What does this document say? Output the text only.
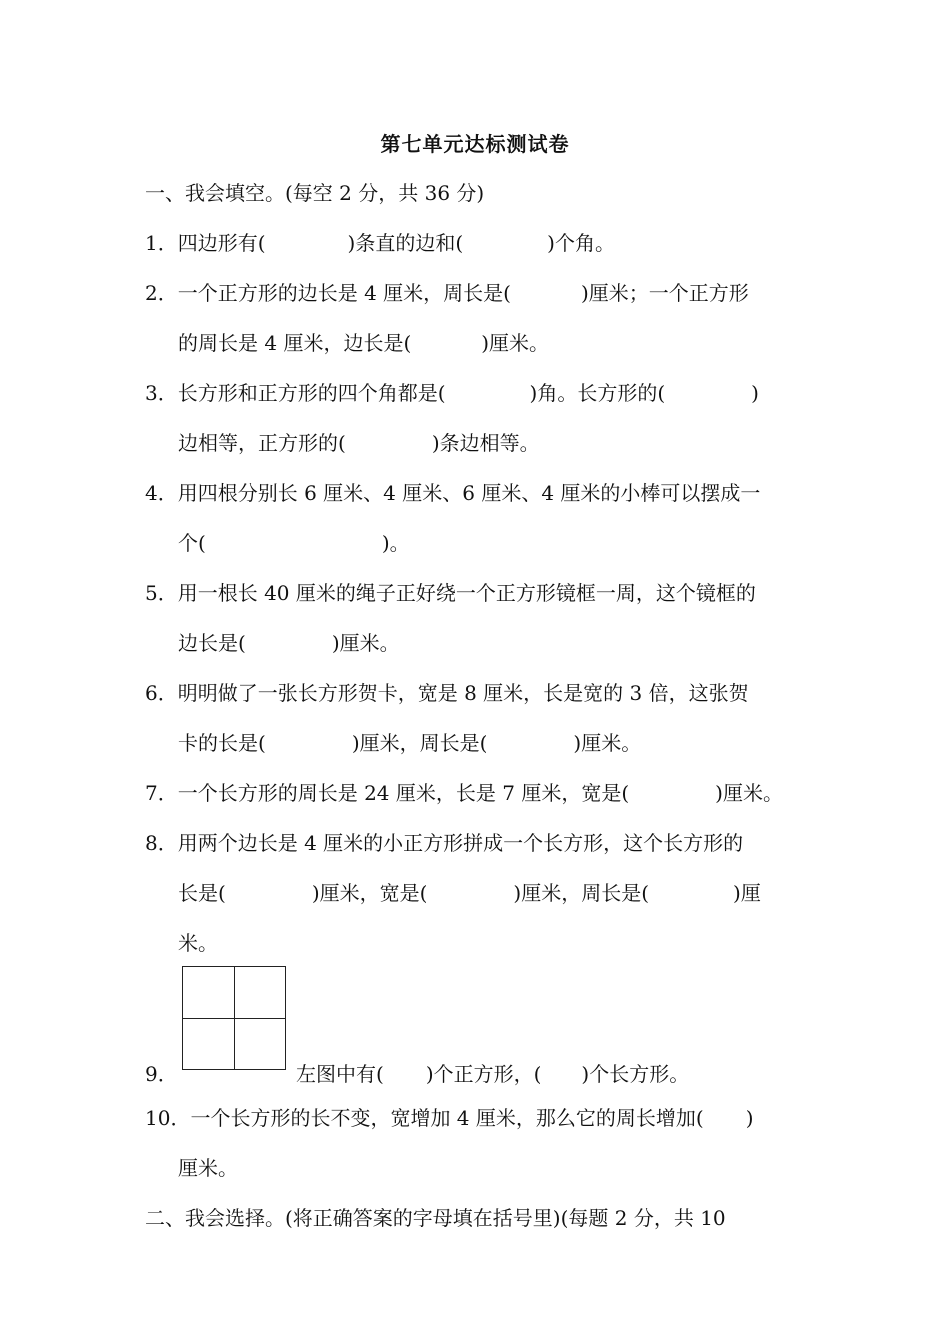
第七单元达标测试卷
一、我会填空。(每空 2 分，共 36 分)
1．四边形有(	)条直的边和(	)个角。
2．一个正方形的边长是 4 厘米，周长是(	)厘米；一个正方形
的周长是 4 厘米，边长是(	)厘米。
3．长方形和正方形的四个角都是(	)角。长方形的(	)
边相等，正方形的(	)条边相等。
4．用四根分别长 6 厘米、4 厘米、6 厘米、4 厘米的小棒可以摆成一
个(	)。
5．用一根长 40 厘米的绳子正好绕一个正方形镜框一周，这个镜框的
边长是(	)厘米。
6．明明做了一张长方形贺卡，宽是 8 厘米，长是宽的 3 倍，这张贺
卡的长是(	)厘米，周长是(	)厘米。
7．一个长方形的周长是 24 厘米，长是 7 厘米，宽是(	)厘米。
8．用两个边长是 4 厘米的小正方形拼成一个长方形，这个长方形的
长是(	)厘米，宽是(	)厘米，周长是(	)厘
米。
9．	左图中有( )个正方形，( )个长方形。
10．一个长方形的长不变，宽增加 4 厘米，那么它的周长增加( )
厘米。
二、我会选择。(将正确答案的字母填在括号里)(每题 2 分，共 10
